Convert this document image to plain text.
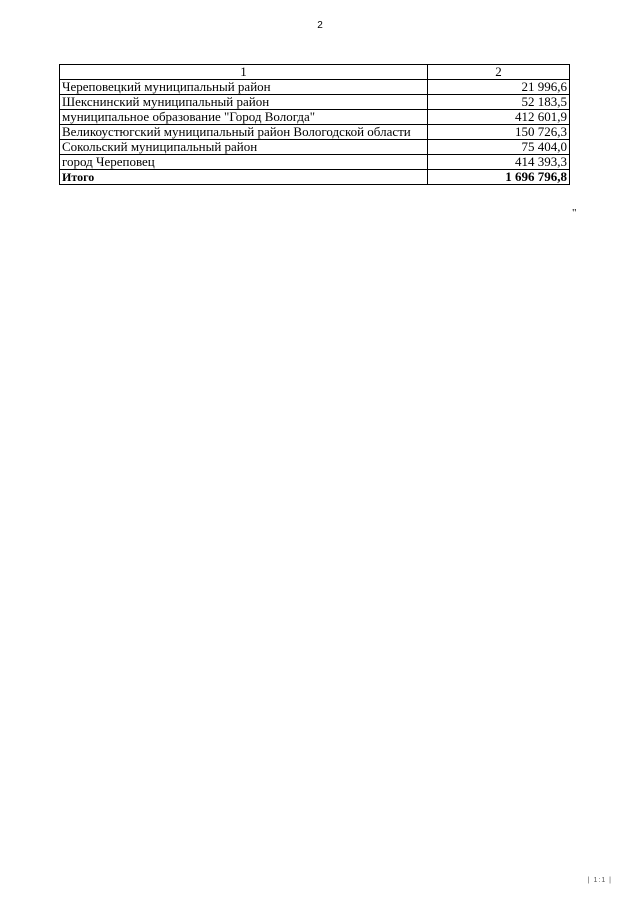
2
1	2
Череповецкий муниципальный район	21 996,6
Шекснинский муниципальный район	52 183,5
муниципальное образование "Город Вологда"	412 601,9
Великоустюгский муниципальный район Вологодской области	150 726,3
Сокольский муниципальный район	75 404,0
город Череповец	414 393,3
Итого	1 696 796,8
"
| 1:1 |
